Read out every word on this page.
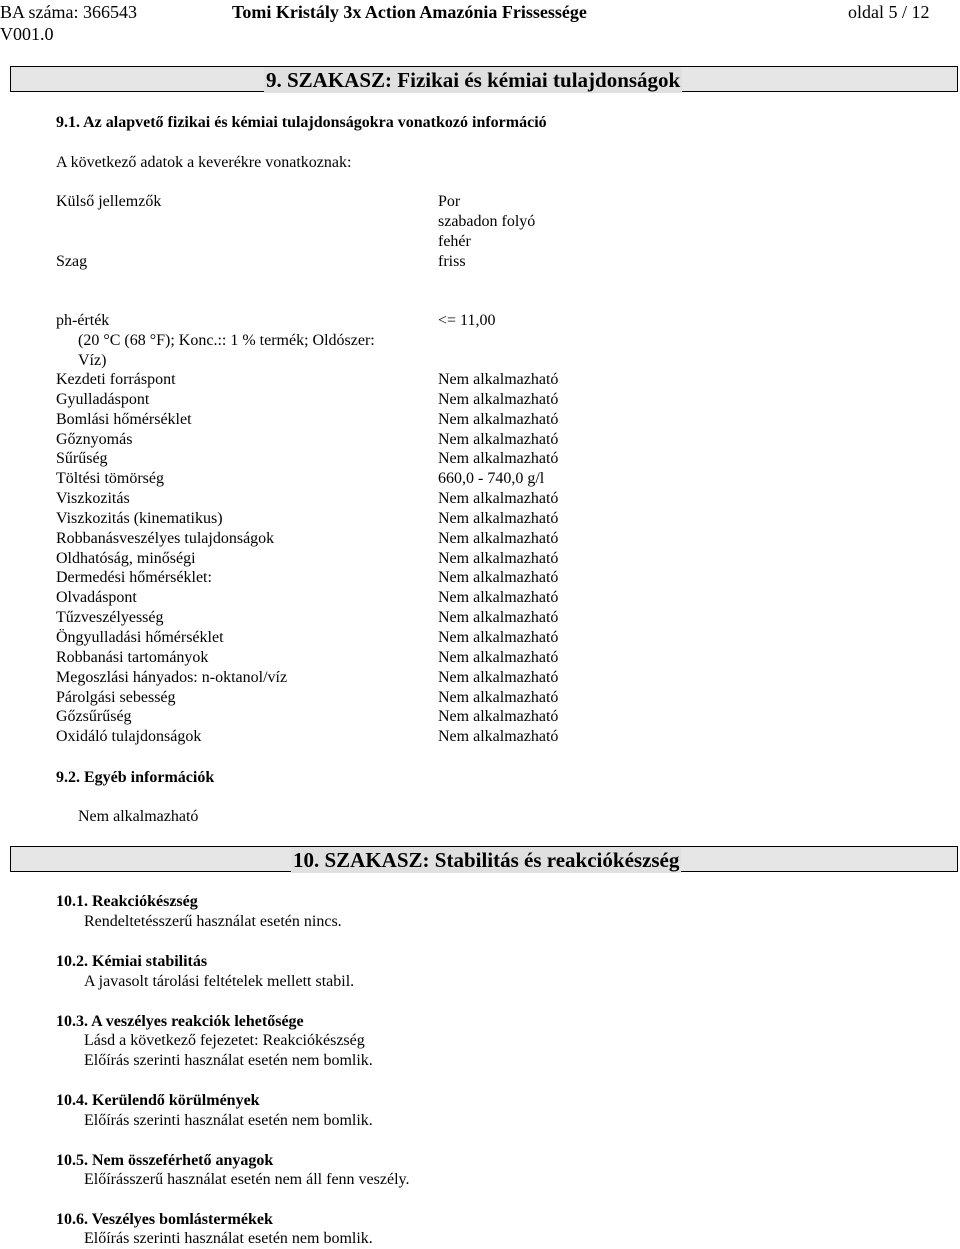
BA száma: 366543
V001.0
Tomi Kristály 3x Action Amazónia Frissessége	oldal 5 / 12
9. SZAKASZ: Fizikai és kémiai tulajdonságok
9.1. Az alapvető fizikai és kémiai tulajdonságokra vonatkozó információ
A következő adatok a keverékre vonatkoznak:
Külső jellemzők	Por
szabadon folyó
fehér
Szag	friss
ph-érték	<= 11,00
(20 °C (68 °F); Konc.:: 1 % termék; Oldószer:
Víz)
Kezdeti forráspont	Nem alkalmazható
Gyulladáspont	Nem alkalmazható
Bomlási hőmérséklet	Nem alkalmazható
Gőznyomás	Nem alkalmazható
Sűrűség	Nem alkalmazható
Töltési tömörség	660,0 - 740,0 g/l
Viszkozitás	Nem alkalmazható
Viszkozitás (kinematikus)	Nem alkalmazható
Robbanásveszélyes tulajdonságok	Nem alkalmazható
Oldhatóság, minőségi	Nem alkalmazható
Dermedési hőmérséklet:	Nem alkalmazható
Olvadáspont	Nem alkalmazható
Tűzveszélyesség	Nem alkalmazható
Öngyulladási hőmérséklet	Nem alkalmazható
Robbanási tartományok	Nem alkalmazható
Megoszlási hányados: n-oktanol/víz	Nem alkalmazható
Párolgási sebesség	Nem alkalmazható
Gőzsűrűség	Nem alkalmazható
Oxidáló tulajdonságok	Nem alkalmazható
9.2. Egyéb információk
Nem alkalmazható
10. SZAKASZ: Stabilitás és reakciókészség
10.1. Reakciókészség
Rendeltetésszerű használat esetén nincs.
10.2. Kémiai stabilitás
A javasolt tárolási feltételek mellett stabil.
10.3. A veszélyes reakciók lehetősége
Lásd a következő fejezetet: Reakciókészség
Előírás szerinti használat esetén nem bomlik.
10.4. Kerülendő körülmények
Előírás szerinti használat esetén nem bomlik.
10.5. Nem összeférhető anyagok
Előírásszerű használat esetén nem áll fenn veszély.
10.6. Veszélyes bomlástermékek
Előírás szerinti használat esetén nem bomlik.
